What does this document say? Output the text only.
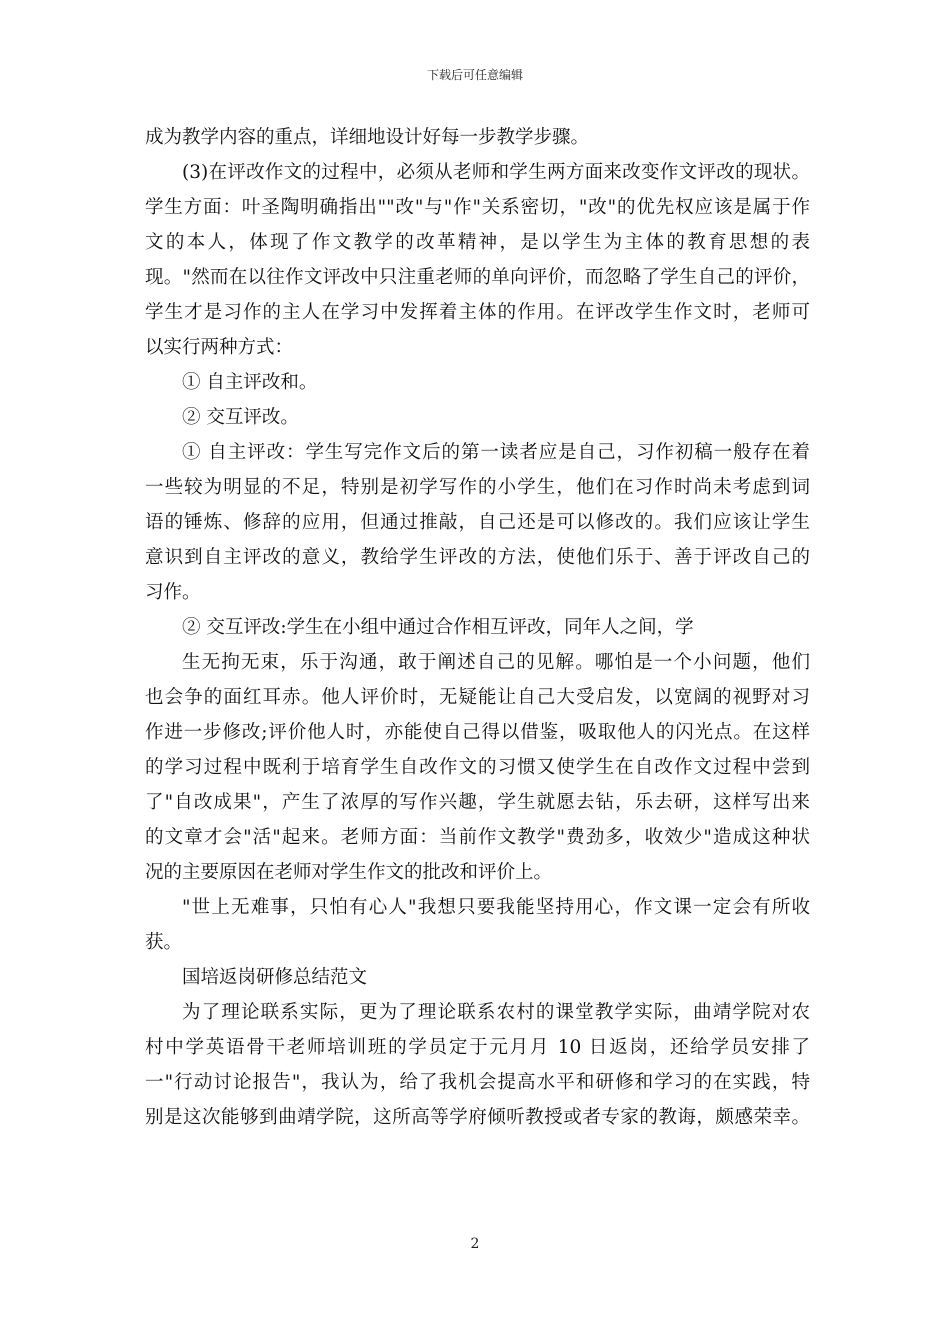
下载后可任意编辑
成为教学内容的重点，详细地设计好每一步教学步骤。
(3)在评改作文的过程中，必须从老师和学生两方面来改变作文评改的现状。
学生方面：叶圣陶明确指出""改"与"作"关系密切，"改"的优先权应该是属于作
文的本人，体现了作文教学的改革精神，是以学生为主体的教育思想的表
现。"然而在以往作文评改中只注重老师的单向评价，而忽略了学生自己的评价，
学生才是习作的主人在学习中发挥着主体的作用。在评改学生作文时，老师可
以实行两种方式：
① 自主评改和。
② 交互评改。
① 自主评改：学生写完作文后的第一读者应是自己，习作初稿一般存在着
一些较为明显的不足，特别是初学写作的小学生，他们在习作时尚未考虑到词
语的锤炼、修辞的应用，但通过推敲，自己还是可以修改的。我们应该让学生
意识到自主评改的意义，教给学生评改的方法，使他们乐于、善于评改自己的
习作。
② 交互评改:学生在小组中通过合作相互评改，同年人之间，学
生无拘无束，乐于沟通，敢于阐述自己的见解。哪怕是一个小问题，他们
也会争的面红耳赤。他人评价时，无疑能让自己大受启发，以宽阔的视野对习
作进一步修改;评价他人时，亦能使自己得以借鉴，吸取他人的闪光点。在这样
的学习过程中既利于培育学生自改作文的习惯又使学生在自改作文过程中尝到
了"自改成果"，产生了浓厚的写作兴趣，学生就愿去钻，乐去研，这样写出来
的文章才会"活"起来。老师方面：当前作文教学"费劲多，收效少"造成这种状
况的主要原因在老师对学生作文的批改和评价上。
"世上无难事，只怕有心人"我想只要我能坚持用心，作文课一定会有所收
获。
国培返岗研修总结范文
为了理论联系实际，更为了理论联系农村的课堂教学实际，曲靖学院对农
村中学英语骨干老师培训班的学员定于元月月 10 日返岗，还给学员安排了
一"行动讨论报告"，我认为，给了我机会提高水平和研修和学习的在实践，特
别是这次能够到曲靖学院，这所高等学府倾听教授或者专家的教诲，颇感荣幸。
2
